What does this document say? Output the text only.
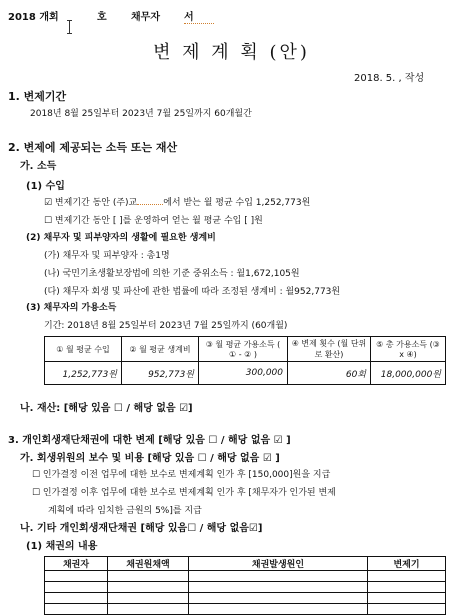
2018 개회	호 채무자 서
변 제 계 획 (안)
2018. 5. , 작성
1. 변제기간
2018년 8월 25일부터 2023년 7월 25일까지 60개월간
2. 변제에 제공되는 소득 또는 재산
가. 소득
(1) 수입
☑ 변제기간 동안 (주)교	에서 받는 월 평균 수입 1,252,773원
☐ 변제기간 동안 [ ]를 운영하여 얻는 월 평균 수입 [ ]원
(2) 채무자 및 피부양자의 생활에 필요한 생계비
(가) 채무자 및 피부양자 : 총1명
(나) 국민기초생활보장법에 의한 기준 중위소득 : 월1,672,105원
(다) 채무자 회생 및 파산에 관한 법률에 따라 조정된 생계비 : 월952,773원
(3) 채무자의 가용소득
기간: 2018년 8월 25일부터 2023년 7월 25일까지 (60개월)
① 월 평균 수입	② 월 평균 생계비	③ 월 평균 가용소득 ( ① - ② )	④ 변제 횟수 (월 단위로 환산)	⑤ 총 가용소득 (③ x ④)
1,252,773원	952,773원	300,000	60회	18,000,000원
나. 재산: [해당 있음 ☐ / 해당 없음 ☑]
3. 개인회생재단채권에 대한 변제 [해당 있음 ☐ / 해당 없음 ☑ ]
가. 회생위원의 보수 및 비용 [해당 있음 ☐ / 해당 없음 ☑ ]
☐ 인가결정 이전 업무에 대한 보수로 변제계획 인가 후 [150,000]원을 지급
☐ 인가결정 이후 업무에 대한 보수로 변제계획 인가 후 [채무자가 인가된 변제
계획에 따라 임치한 금원의 5%]를 지급
나. 기타 개인회생재단채권 [해당 있음☐ / 해당 없음☑]
(1) 채권의 내용
채권자	채권원채액	채권발생원인	변제기
